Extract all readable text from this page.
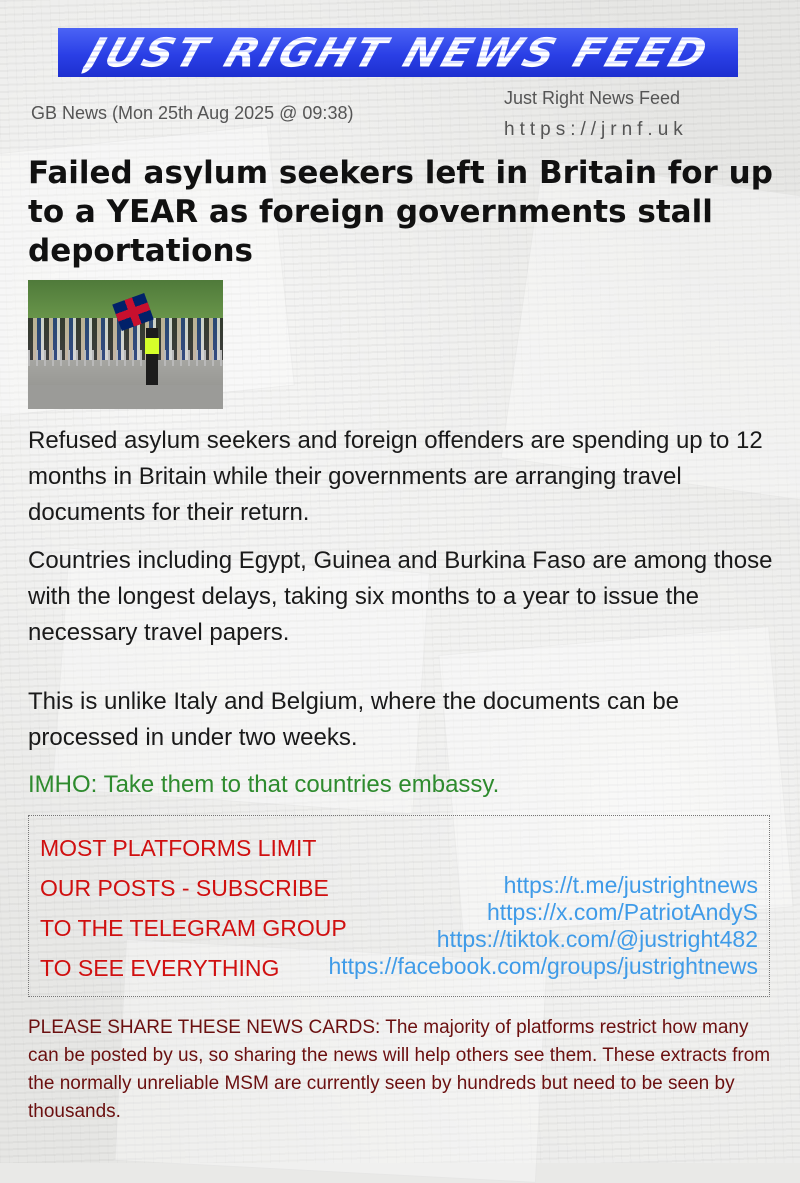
JUST RIGHT NEWS FEED
GB News (Mon 25th Aug 2025 @ 09:38)
Just Right News Feed
https://jrnf.uk
Failed asylum seekers left in Britain for up to a YEAR as foreign governments stall deportations

Refused asylum seekers and foreign offenders are spending up to 12 months in Britain while their governments are arranging travel documents for their return.

Countries including Egypt, Guinea and Burkina Faso are among those with the longest delays, taking six months to a year to issue the necessary travel papers.

This is unlike Italy and Belgium, where the documents can be processed in under two weeks.

IMHO: Take them to that countries embassy.

MOST PLATFORMS LIMIT
OUR POSTS - SUBSCRIBE
TO THE TELEGRAM GROUP
TO SEE EVERYTHING
https://t.me/justrightnews
https://x.com/PatriotAndyS
https://tiktok.com/@justright482
https://facebook.com/groups/justrightnews

PLEASE SHARE THESE NEWS CARDS: The majority of platforms restrict how many can be posted by us, so sharing the news will help others see them. These extracts from the normally unreliable MSM are currently seen by hundreds but need to be seen by thousands.
